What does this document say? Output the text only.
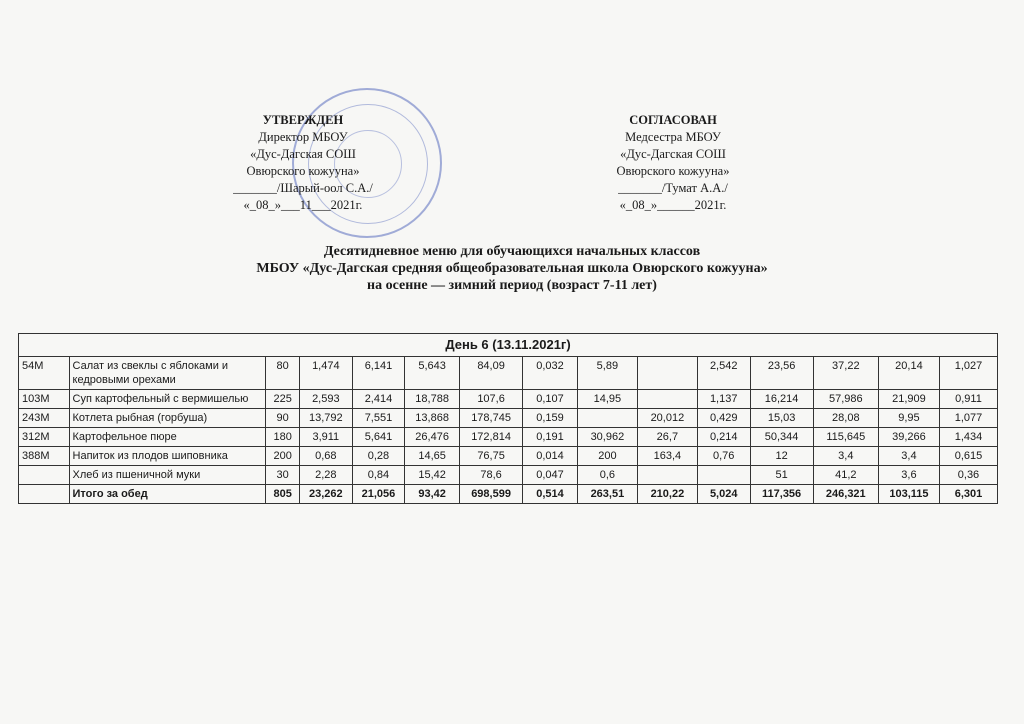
УТВЕРЖДЕН
Директор МБОУ
«Дус-Дагская СОШ
Овюрского кожууна»
_______/Шарый-оол С.А./
«_08_»___11___2021г.
СОГЛАСОВАН
Медсестра МБОУ
«Дус-Дагская СОШ
Овюрского кожууна»
_______/Тумат А.А./
«_08_»______2021г.
Десятидневное меню для обучающихся начальных классов
МБОУ «Дус-Дагская средняя общеобразовательная школа Овюрского кожууна»
на осенне — зимний период (возраст 7-11 лет)
День 6 (13.11.2021г)														
54М	Салат из свеклы с яблоками и кедровыми орехами	80	1,474	6,141	5,643	84,09	0,032	5,89		2,542	23,56	37,22	20,14	1,027
103М	Суп картофельный с вермишелью	225	2,593	2,414	18,788	107,6	0,107	14,95		1,137	16,214	57,986	21,909	0,911
243М	Котлета рыбная (горбуша)	90	13,792	7,551	13,868	178,745	0,159		20,012	0,429	15,03	28,08	9,95	1,077
312М	Картофельное пюре	180	3,911	5,641	26,476	172,814	0,191	30,962	26,7	0,214	50,344	115,645	39,266	1,434
388М	Напиток из плодов шиповника	200	0,68	0,28	14,65	76,75	0,014	200	163,4	0,76	12	3,4	3,4	0,615
	Хлеб из пшеничной муки	30	2,28	0,84	15,42	78,6	0,047	0,6			51	41,2	3,6	0,36
	Итого за обед	805	23,262	21,056	93,42	698,599	0,514	263,51	210,22	5,024	117,356	246,321	103,115	6,301
